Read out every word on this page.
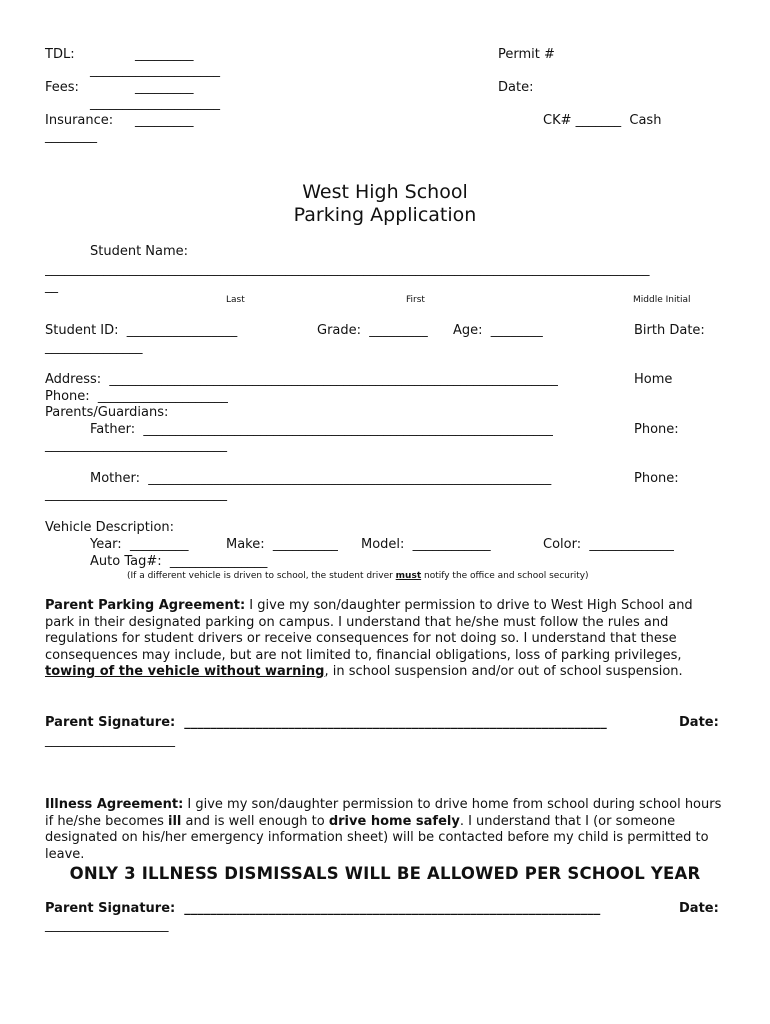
TDL:	_________
____________________
Fees:	_________
____________________
Insurance: _________
________
Permit #
Date:
CK# _______  Cash
West High School
Parking Application
Student Name:
_____________________________________________________________________________________________
__
Last	First	Middle Initial
Student ID:  _________________	Grade:  _________ Age:  ________	Birth Date:
_______________
Address:  _____________________________________________________________________	Home
Phone:  ____________________
Parents/Guardians:
Father:  _______________________________________________________________	Phone:
____________________________
Mother:  ______________________________________________________________	Phone:
____________________________
Vehicle Description:
Year:  _________	Make:  __________ Model:  ____________	Color:  _____________
Auto Tag#:  _______________
(If a different vehicle is driven to school, the student driver must notify the office and school security)
Parent Parking Agreement: I give my son/daughter permission to drive to West High School and park in their designated parking on campus. I understand that he/she must follow the rules and regulations for student drivers or receive consequences for not doing so. I understand that these consequences may include, but are not limited to, financial obligations, loss of parking privileges, towing of the vehicle without warning, in school suspension and/or out of school suspension.
Parent Signature:  _________________________________________________________________	Date:
____________________
Illness Agreement: I give my son/daughter permission to drive home from school during school hours if he/she becomes ill and is well enough to drive home safely. I understand that I (or someone designated on his/her emergency information sheet) will be contacted before my child is permitted to leave.
ONLY 3 ILLNESS DISMISSALS WILL BE ALLOWED PER SCHOOL YEAR
Parent Signature:  ________________________________________________________________	Date:
___________________
